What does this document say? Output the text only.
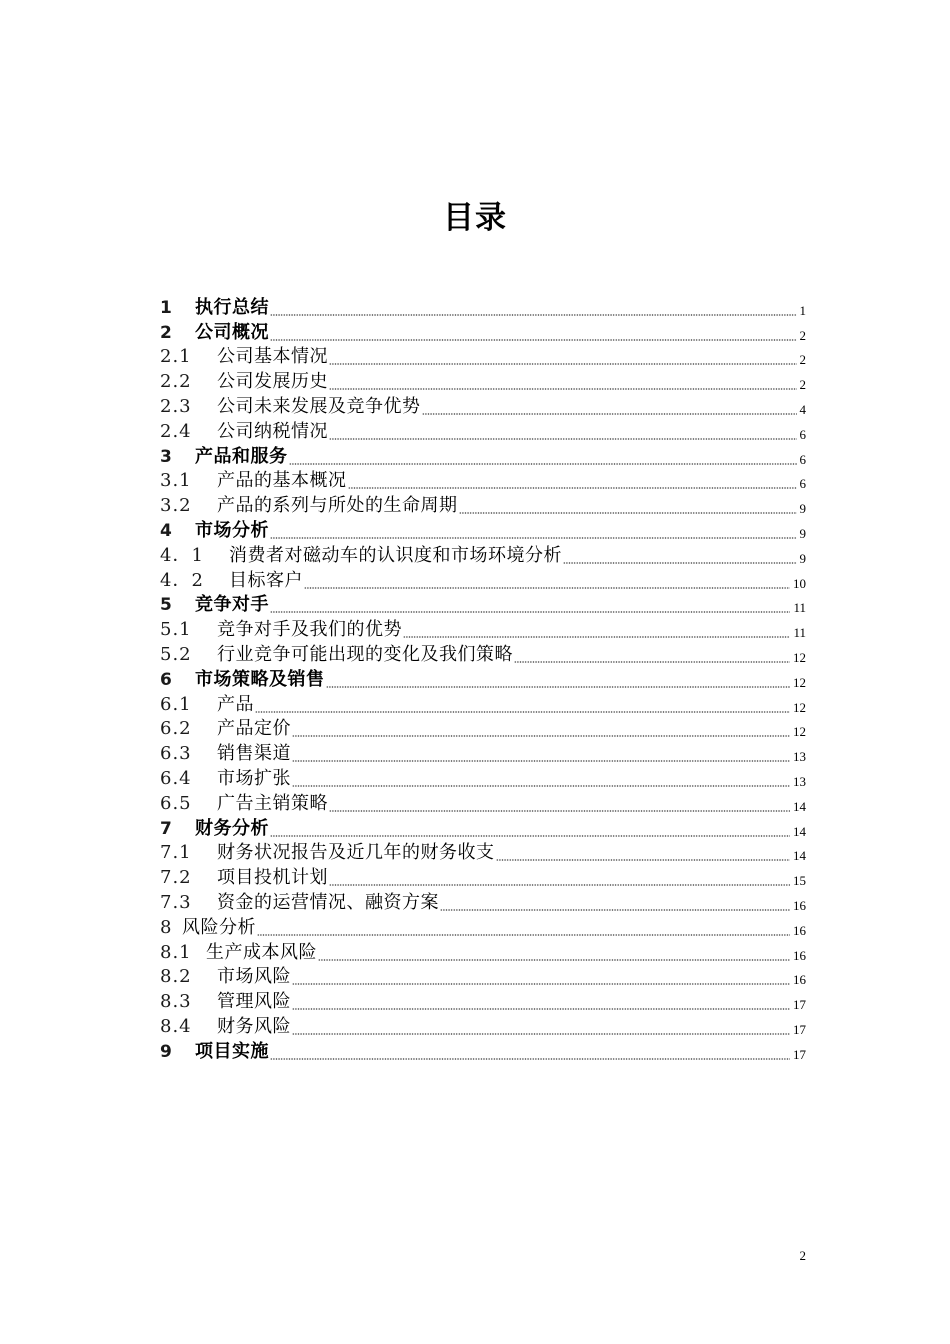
目录
1	执行总结	1
2	公司概况	2
2.1	公司基本情况	2
2.2	公司发展历史	2
2.3	公司未来发展及竞争优势	4
2.4	公司纳税情况	6
3	产品和服务	6
3.1	产品的基本概况	6
3.2	产品的系列与所处的生命周期	9
4	市场分析	9
4．1	消费者对磁动车的认识度和市场环境分析	9
4．2	目标客户	10
5	竞争对手	11
5.1	竞争对手及我们的优势	11
5.2	行业竞争可能出现的变化及我们策略	12
6	市场策略及销售	12
6.1	产品	12
6.2	产品定价	12
6.3	销售渠道	13
6.4	市场扩张	13
6.5	广告主销策略	14
7	财务分析	14
7.1	财务状况报告及近几年的财务收支	14
7.2	项目投机计划	15
7.3	资金的运营情况、融资方案	16
8 风险分析	16
8.1 生产成本风险	16
8.2	市场风险	16
8.3	管理风险	17
8.4	财务风险	17
9	项目实施	17
2
